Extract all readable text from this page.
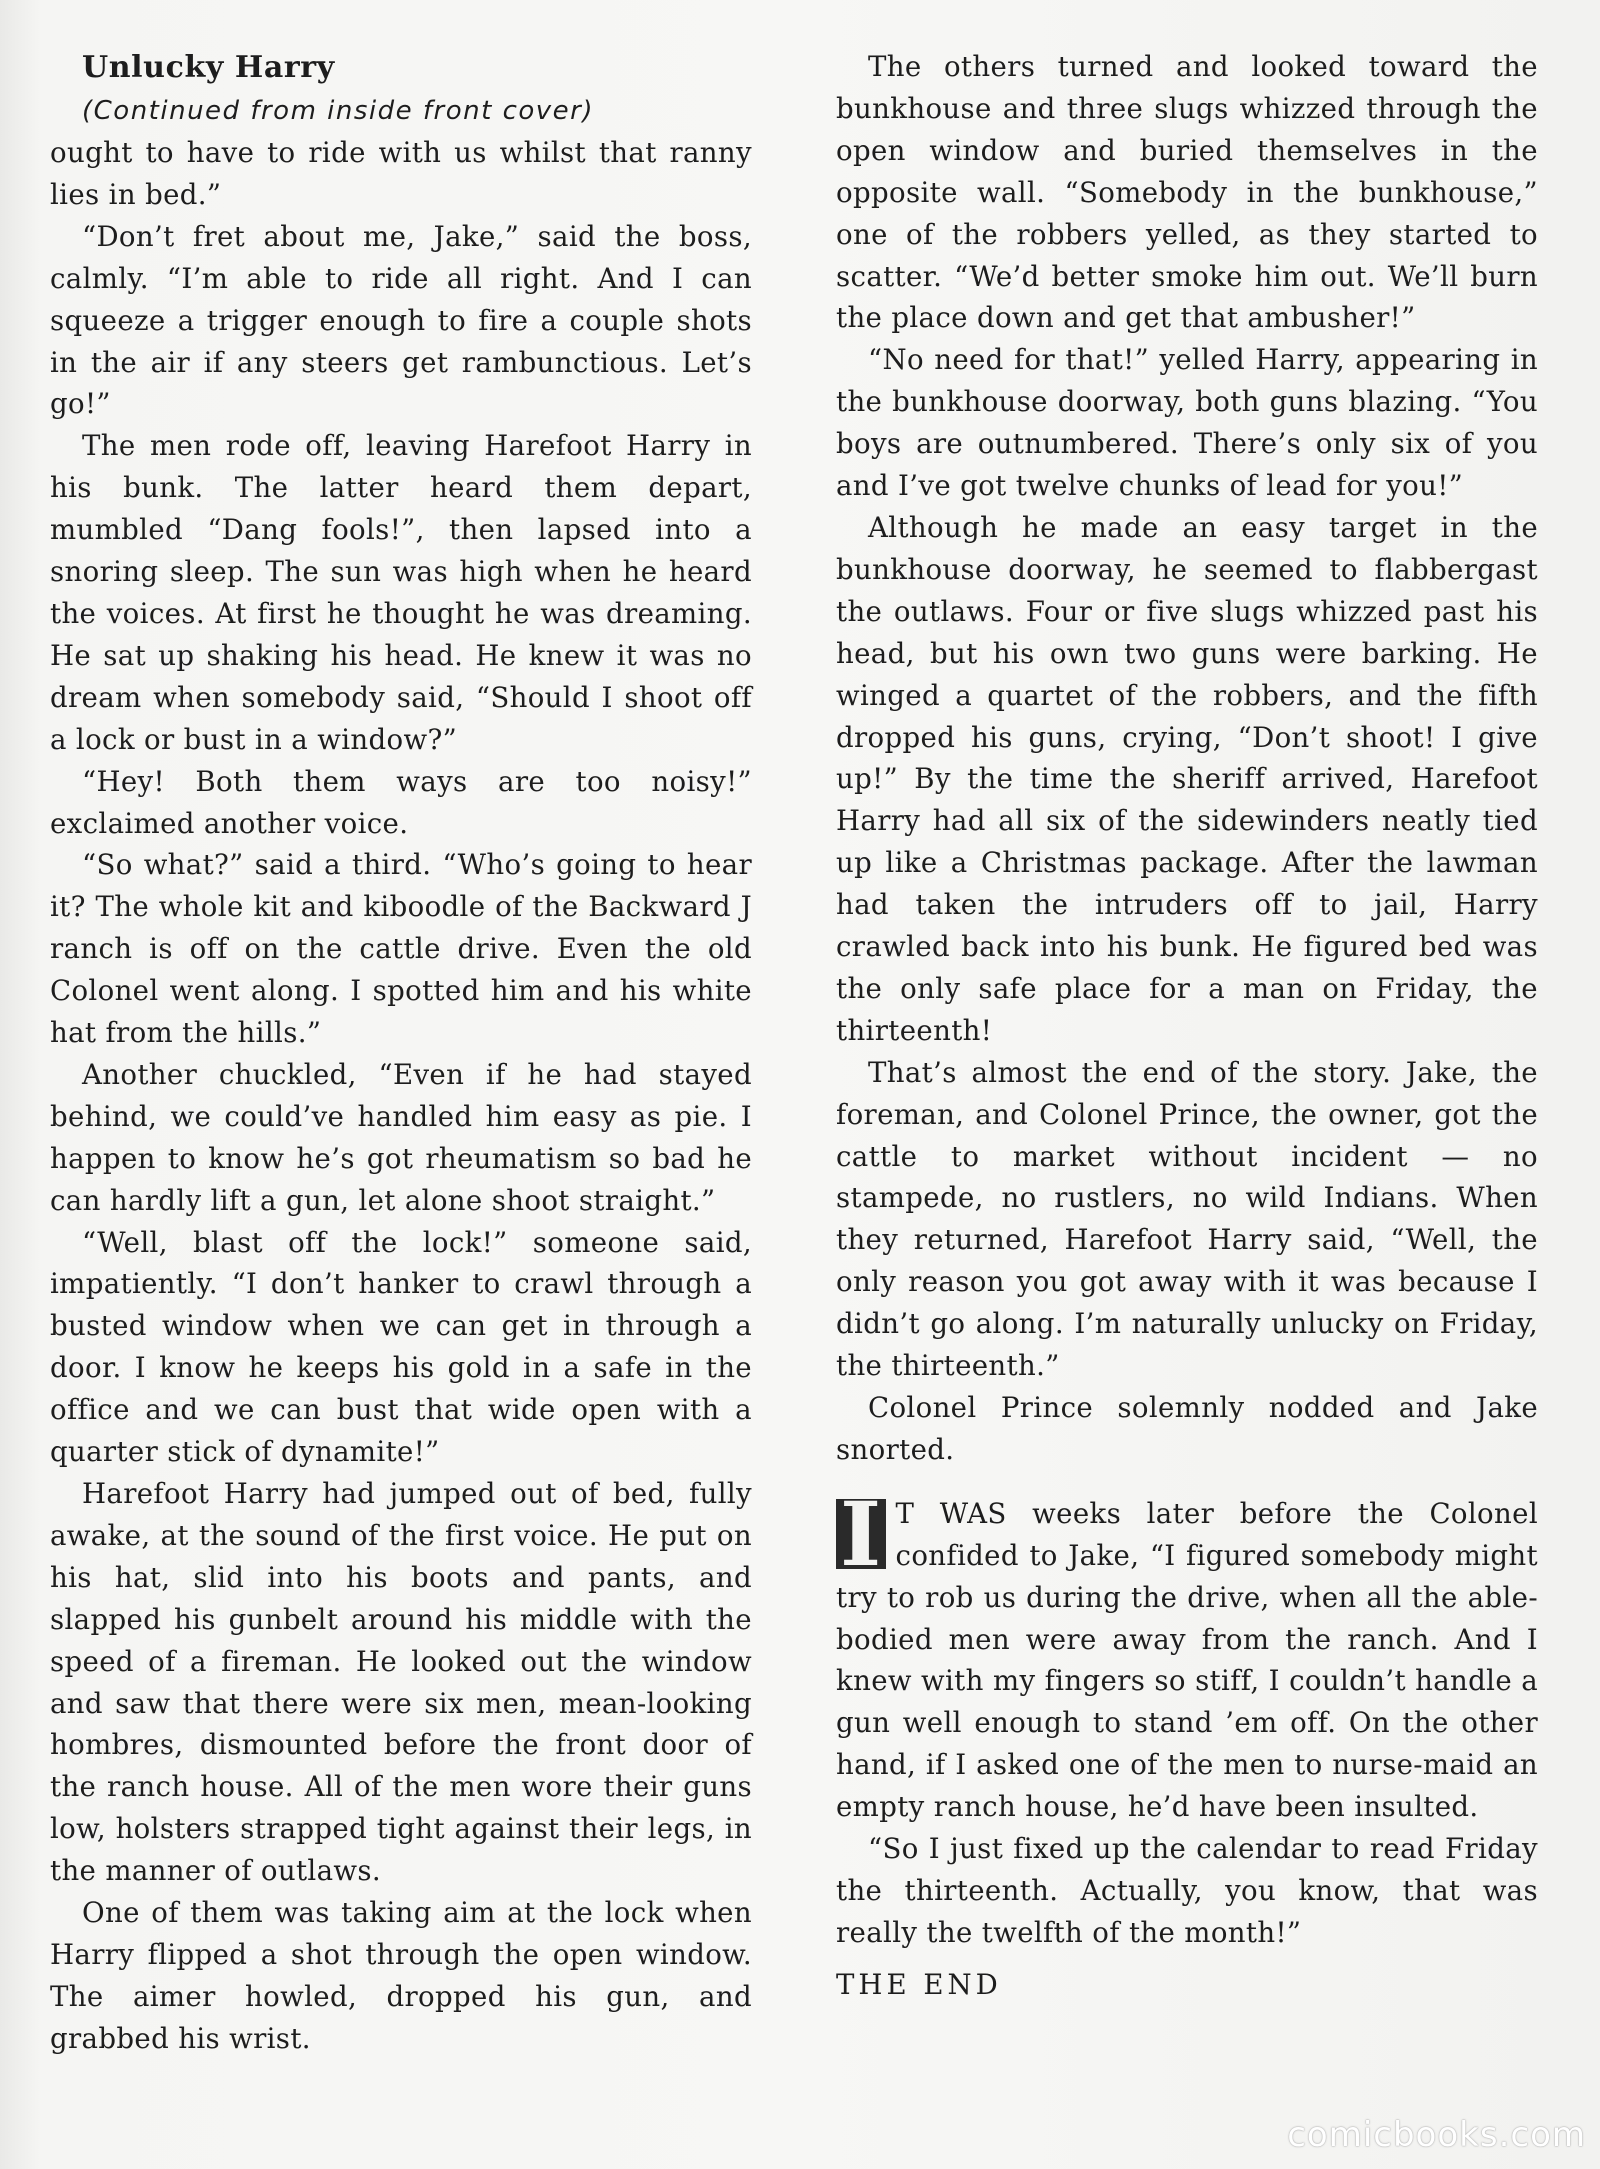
Unlucky Harry

(Continued from inside front cover)

ought to have to ride with us whilst that ranny lies in bed.”

“Don’t fret about me, Jake,” said the boss, calmly. “I’m able to ride all right. And I can squeeze a trigger enough to fire a couple shots in the air if any steers get rambunctious. Let’s go!”

The men rode off, leaving Harefoot Harry in his bunk. The latter heard them depart, mumbled “Dang fools!”, then lapsed into a snoring sleep. The sun was high when he heard the voices. At first he thought he was dreaming. He sat up shaking his head. He knew it was no dream when somebody said, “Should I shoot off a lock or bust in a window?”

“Hey! Both them ways are too noisy!” exclaimed another voice.

“So what?” said a third. “Who’s going to hear it? The whole kit and kiboodle of the Backward J ranch is off on the cattle drive. Even the old Colonel went along. I spotted him and his white hat from the hills.”

Another chuckled, “Even if he had stayed behind, we could’ve handled him easy as pie. I happen to know he’s got rheumatism so bad he can hardly lift a gun, let alone shoot straight.”

“Well, blast off the lock!” someone said, impatiently. “I don’t hanker to crawl through a busted window when we can get in through a door. I know he keeps his gold in a safe in the office and we can bust that wide open with a quarter stick of dynamite!”

Harefoot Harry had jumped out of bed, fully awake, at the sound of the first voice. He put on his hat, slid into his boots and pants, and slapped his gunbelt around his middle with the speed of a fireman. He looked out the window and saw that there were six men, mean-looking hombres, dismounted before the front door of the ranch house. All of the men wore their guns low, holsters strapped tight against their legs, in the manner of outlaws.

One of them was taking aim at the lock when Harry flipped a shot through the open window. The aimer howled, dropped his gun, and grabbed his wrist.

The others turned and looked toward the bunkhouse and three slugs whizzed through the open window and buried themselves in the opposite wall. “Somebody in the bunkhouse,” one of the robbers yelled, as they started to scatter. “We’d better smoke him out. We’ll burn the place down and get that ambusher!”

“No need for that!” yelled Harry, appearing in the bunkhouse doorway, both guns blazing. “You boys are outnumbered. There’s only six of you and I’ve got twelve chunks of lead for you!”

Although he made an easy target in the bunkhouse doorway, he seemed to flabbergast the outlaws. Four or five slugs whizzed past his head, but his own two guns were barking. He winged a quartet of the robbers, and the fifth dropped his guns, crying, “Don’t shoot! I give up!” By the time the sheriff arrived, Harefoot Harry had all six of the sidewinders neatly tied up like a Christmas package. After the lawman had taken the intruders off to jail, Harry crawled back into his bunk. He figured bed was the only safe place for a man on Friday, the thirteenth!

That’s almost the end of the story. Jake, the foreman, and Colonel Prince, the owner, got the cattle to market without incident — no stampede, no rustlers, no wild Indians. When they returned, Harefoot Harry said, “Well, the only reason you got away with it was because I didn’t go along. I’m naturally unlucky on Friday, the thirteenth.”

Colonel Prince solemnly nodded and Jake snorted.

I T WAS weeks later before the Colonel confided to Jake, “I figured somebody might try to rob us during the drive, when all the able-bodied men were away from the ranch. And I knew with my fingers so stiff, I couldn’t handle a gun well enough to stand ’em off. On the other hand, if I asked one of the men to nurse-maid an empty ranch house, he’d have been insulted.

“So I just fixed up the calendar to read Friday the thirteenth. Actually, you know, that was really the twelfth of the month!”

THE END

comicbooks.com
